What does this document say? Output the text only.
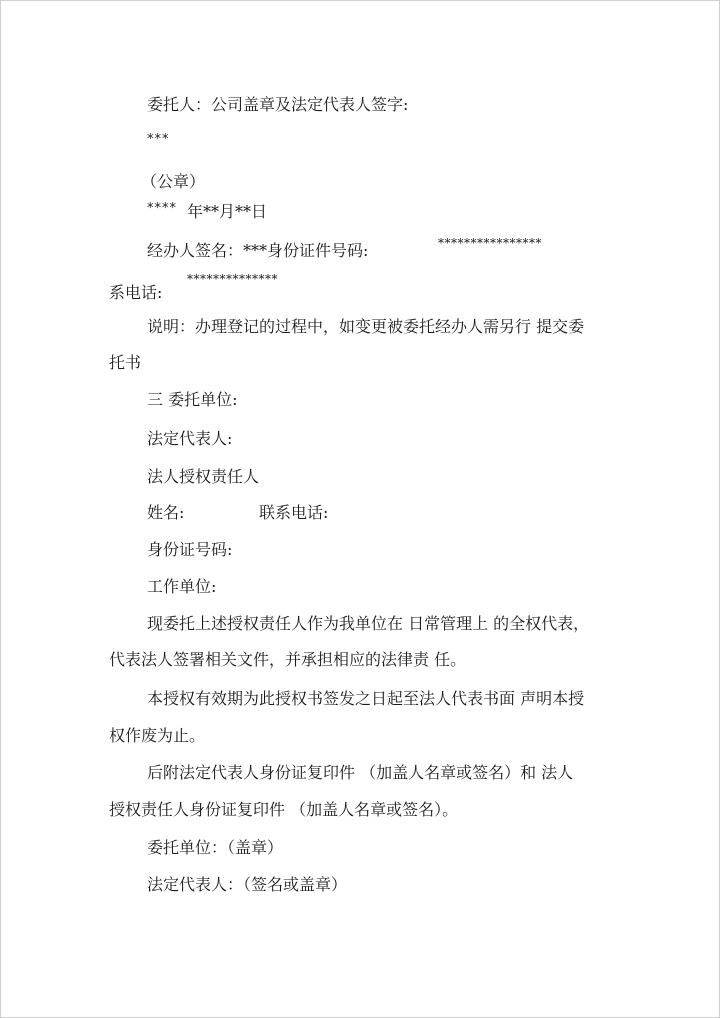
委托人：公司盖章及法定代表人签字:
***
（公章）
**** 年**月**日
经办人签名：***身份证件号码:	****************
**************
系电话:
说明：办理登记的过程中，如变更被委托经办人需另行 提交委
托书
三 委托单位:
法定代表人:
法人授权责任人
姓名:	联系电话:
身份证号码:
工作单位:
现委托上述授权责任人作为我单位在 日常管理上 的全权代表，
代表法人签署相关文件，并承担相应的法律责 任。
本授权有效期为此授权书签发之日起至法人代表书面 声明本授
权作废为止。
后附法定代表人身份证复印件 （加盖人名章或签名）和 法人
授权责任人身份证复印件 （加盖人名章或签名）。
委托单位：（盖章）
法定代表人：（签名或盖章）
